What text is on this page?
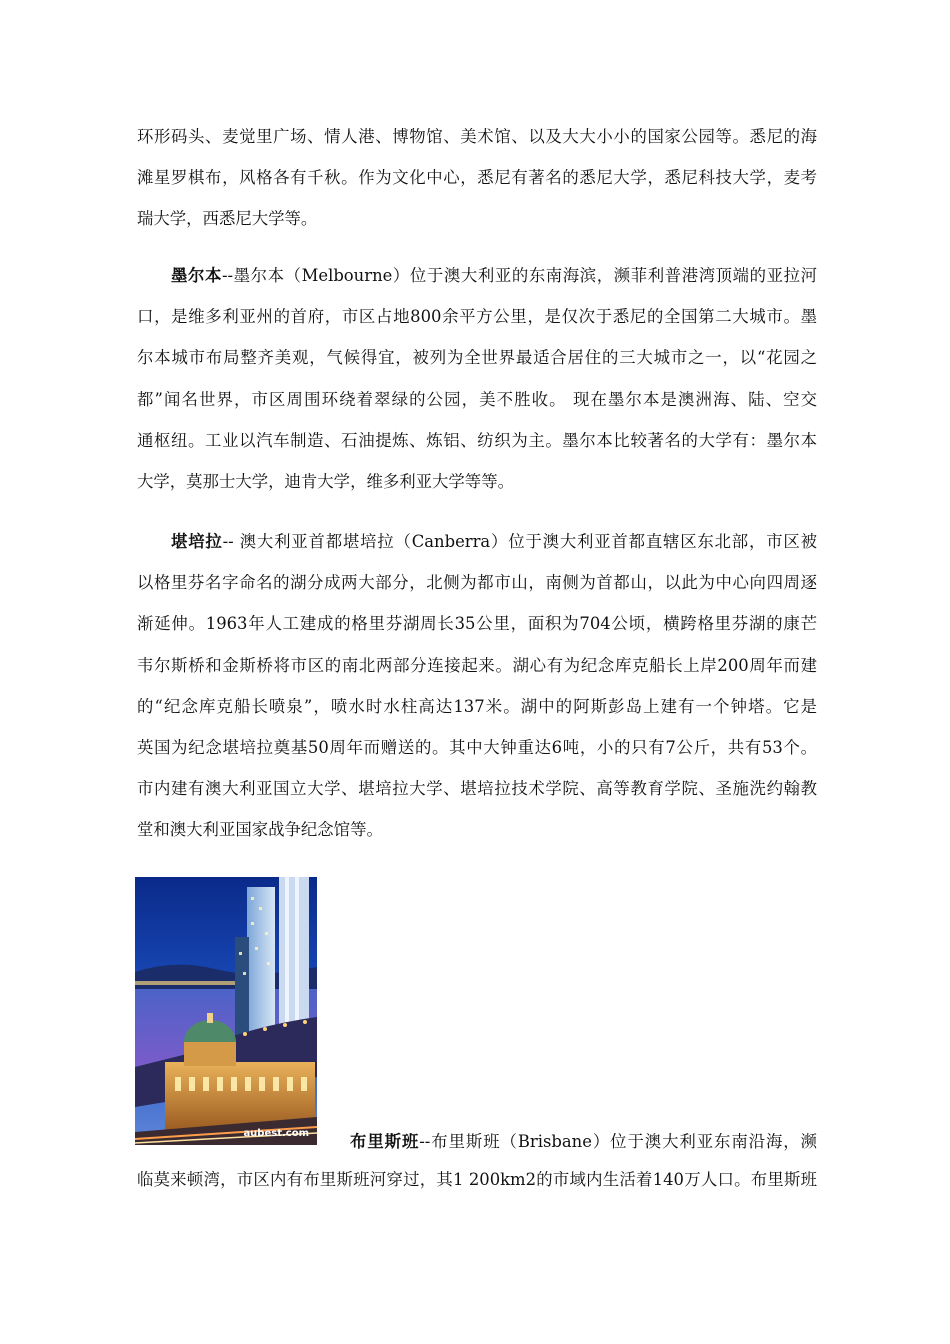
环形码头、麦觉里广场、情人港、博物馆、美术馆、以及大大小小的国家公园等。悉尼的海
滩星罗棋布，风格各有千秋。作为文化中心，悉尼有著名的悉尼大学，悉尼科技大学，麦考
瑞大学，西悉尼大学等。
墨尔本--墨尔本（Melbourne）位于澳大利亚的东南海滨，濒菲利普港湾顶端的亚拉河
口，是维多利亚州的首府，市区占地800余平方公里，是仅次于悉尼的全国第二大城市。墨
尔本城市布局整齐美观，气候得宜，被列为全世界最适合居住的三大城市之一，以“花园之
都”闻名世界，市区周围环绕着翠绿的公园，美不胜收。 现在墨尔本是澳洲海、陆、空交
通枢纽。工业以汽车制造、石油提炼、炼铝、纺织为主。墨尔本比较著名的大学有：墨尔本
大学，莫那士大学，迪肯大学，维多利亚大学等等。
堪培拉-- 澳大利亚首都堪培拉（Canberra）位于澳大利亚首都直辖区东北部，市区被
以格里芬名字命名的湖分成两大部分，北侧为都市山，南侧为首都山，以此为中心向四周逐
渐延伸。1963年人工建成的格里芬湖周长35公里，面积为704公顷，横跨格里芬湖的康芒
韦尔斯桥和金斯桥将市区的南北两部分连接起来。湖心有为纪念库克船长上岸200周年而建
的“纪念库克船长喷泉”，喷水时水柱高达137米。湖中的阿斯彭岛上建有一个钟塔。它是
英国为纪念堪培拉奠基50周年而赠送的。其中大钟重达6吨，小的只有7公斤，共有53个。
市内建有澳大利亚国立大学、堪培拉大学、堪培拉技术学院、高等教育学院、圣施洗约翰教
堂和澳大利亚国家战争纪念馆等。
aubest.com	布里斯班--布里斯班（Brisbane）位于澳大利亚东南沿海，濒
临莫来顿湾，市区内有布里斯班河穿过，其1 200km2的市域内生活着140万人口。布里斯班
